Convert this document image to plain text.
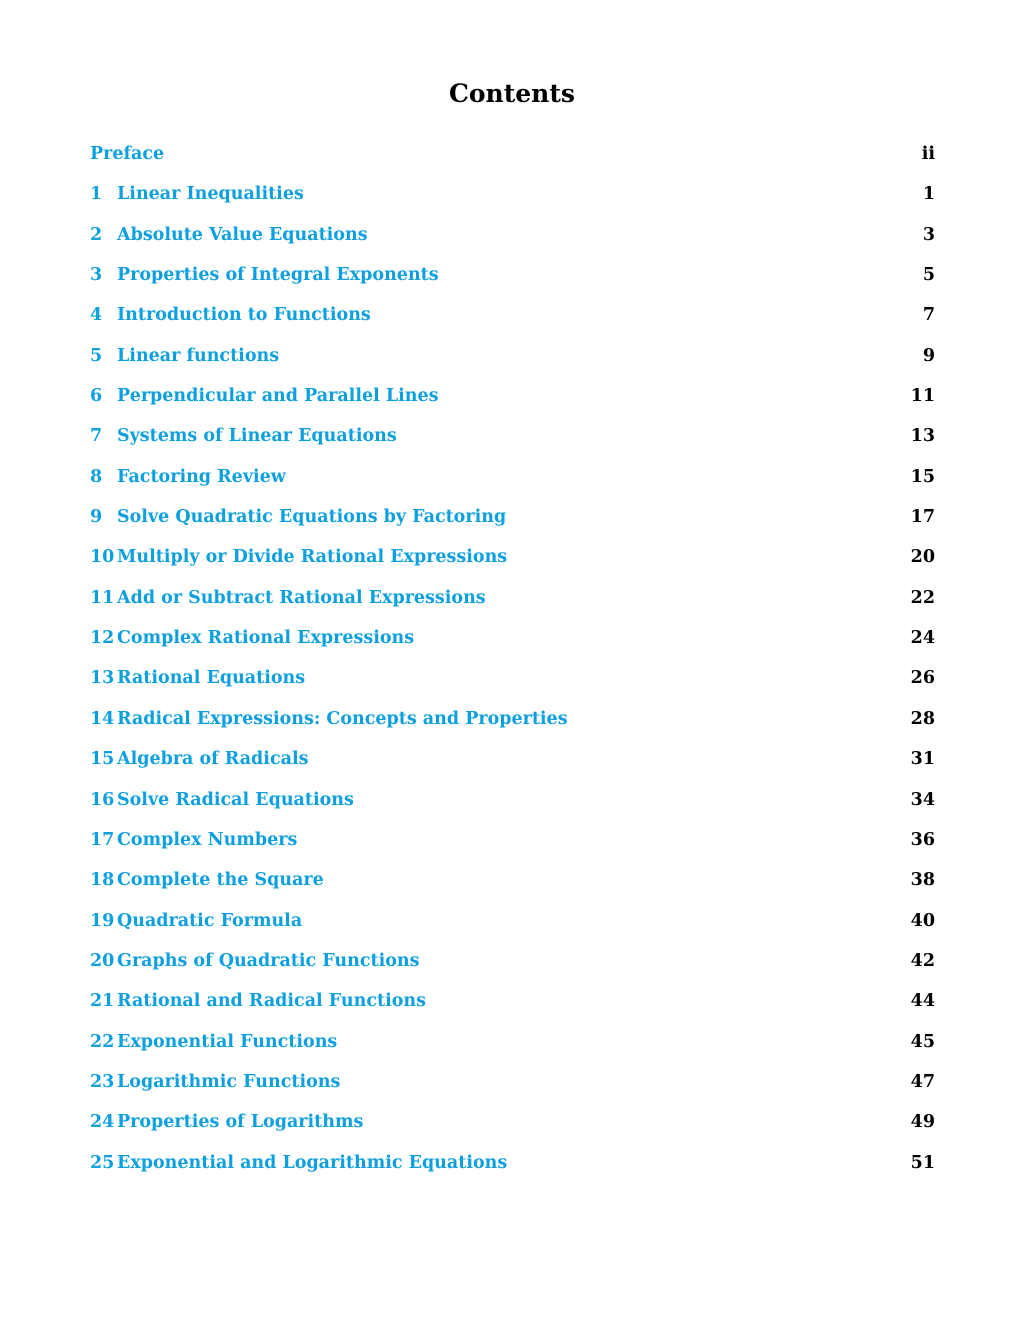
Contents
Preface	ii
1 Linear Inequalities	1
2 Absolute Value Equations	3
3 Properties of Integral Exponents	5
4 Introduction to Functions	7
5 Linear functions	9
6 Perpendicular and Parallel Lines	11
7 Systems of Linear Equations	13
8 Factoring Review	15
9 Solve Quadratic Equations by Factoring	17
10 Multiply or Divide Rational Expressions	20
11 Add or Subtract Rational Expressions	22
12 Complex Rational Expressions	24
13 Rational Equations	26
14 Radical Expressions: Concepts and Properties	28
15 Algebra of Radicals	31
16 Solve Radical Equations	34
17 Complex Numbers	36
18 Complete the Square	38
19 Quadratic Formula	40
20 Graphs of Quadratic Functions	42
21 Rational and Radical Functions	44
22 Exponential Functions	45
23 Logarithmic Functions	47
24 Properties of Logarithms	49
25 Exponential and Logarithmic Equations	51
